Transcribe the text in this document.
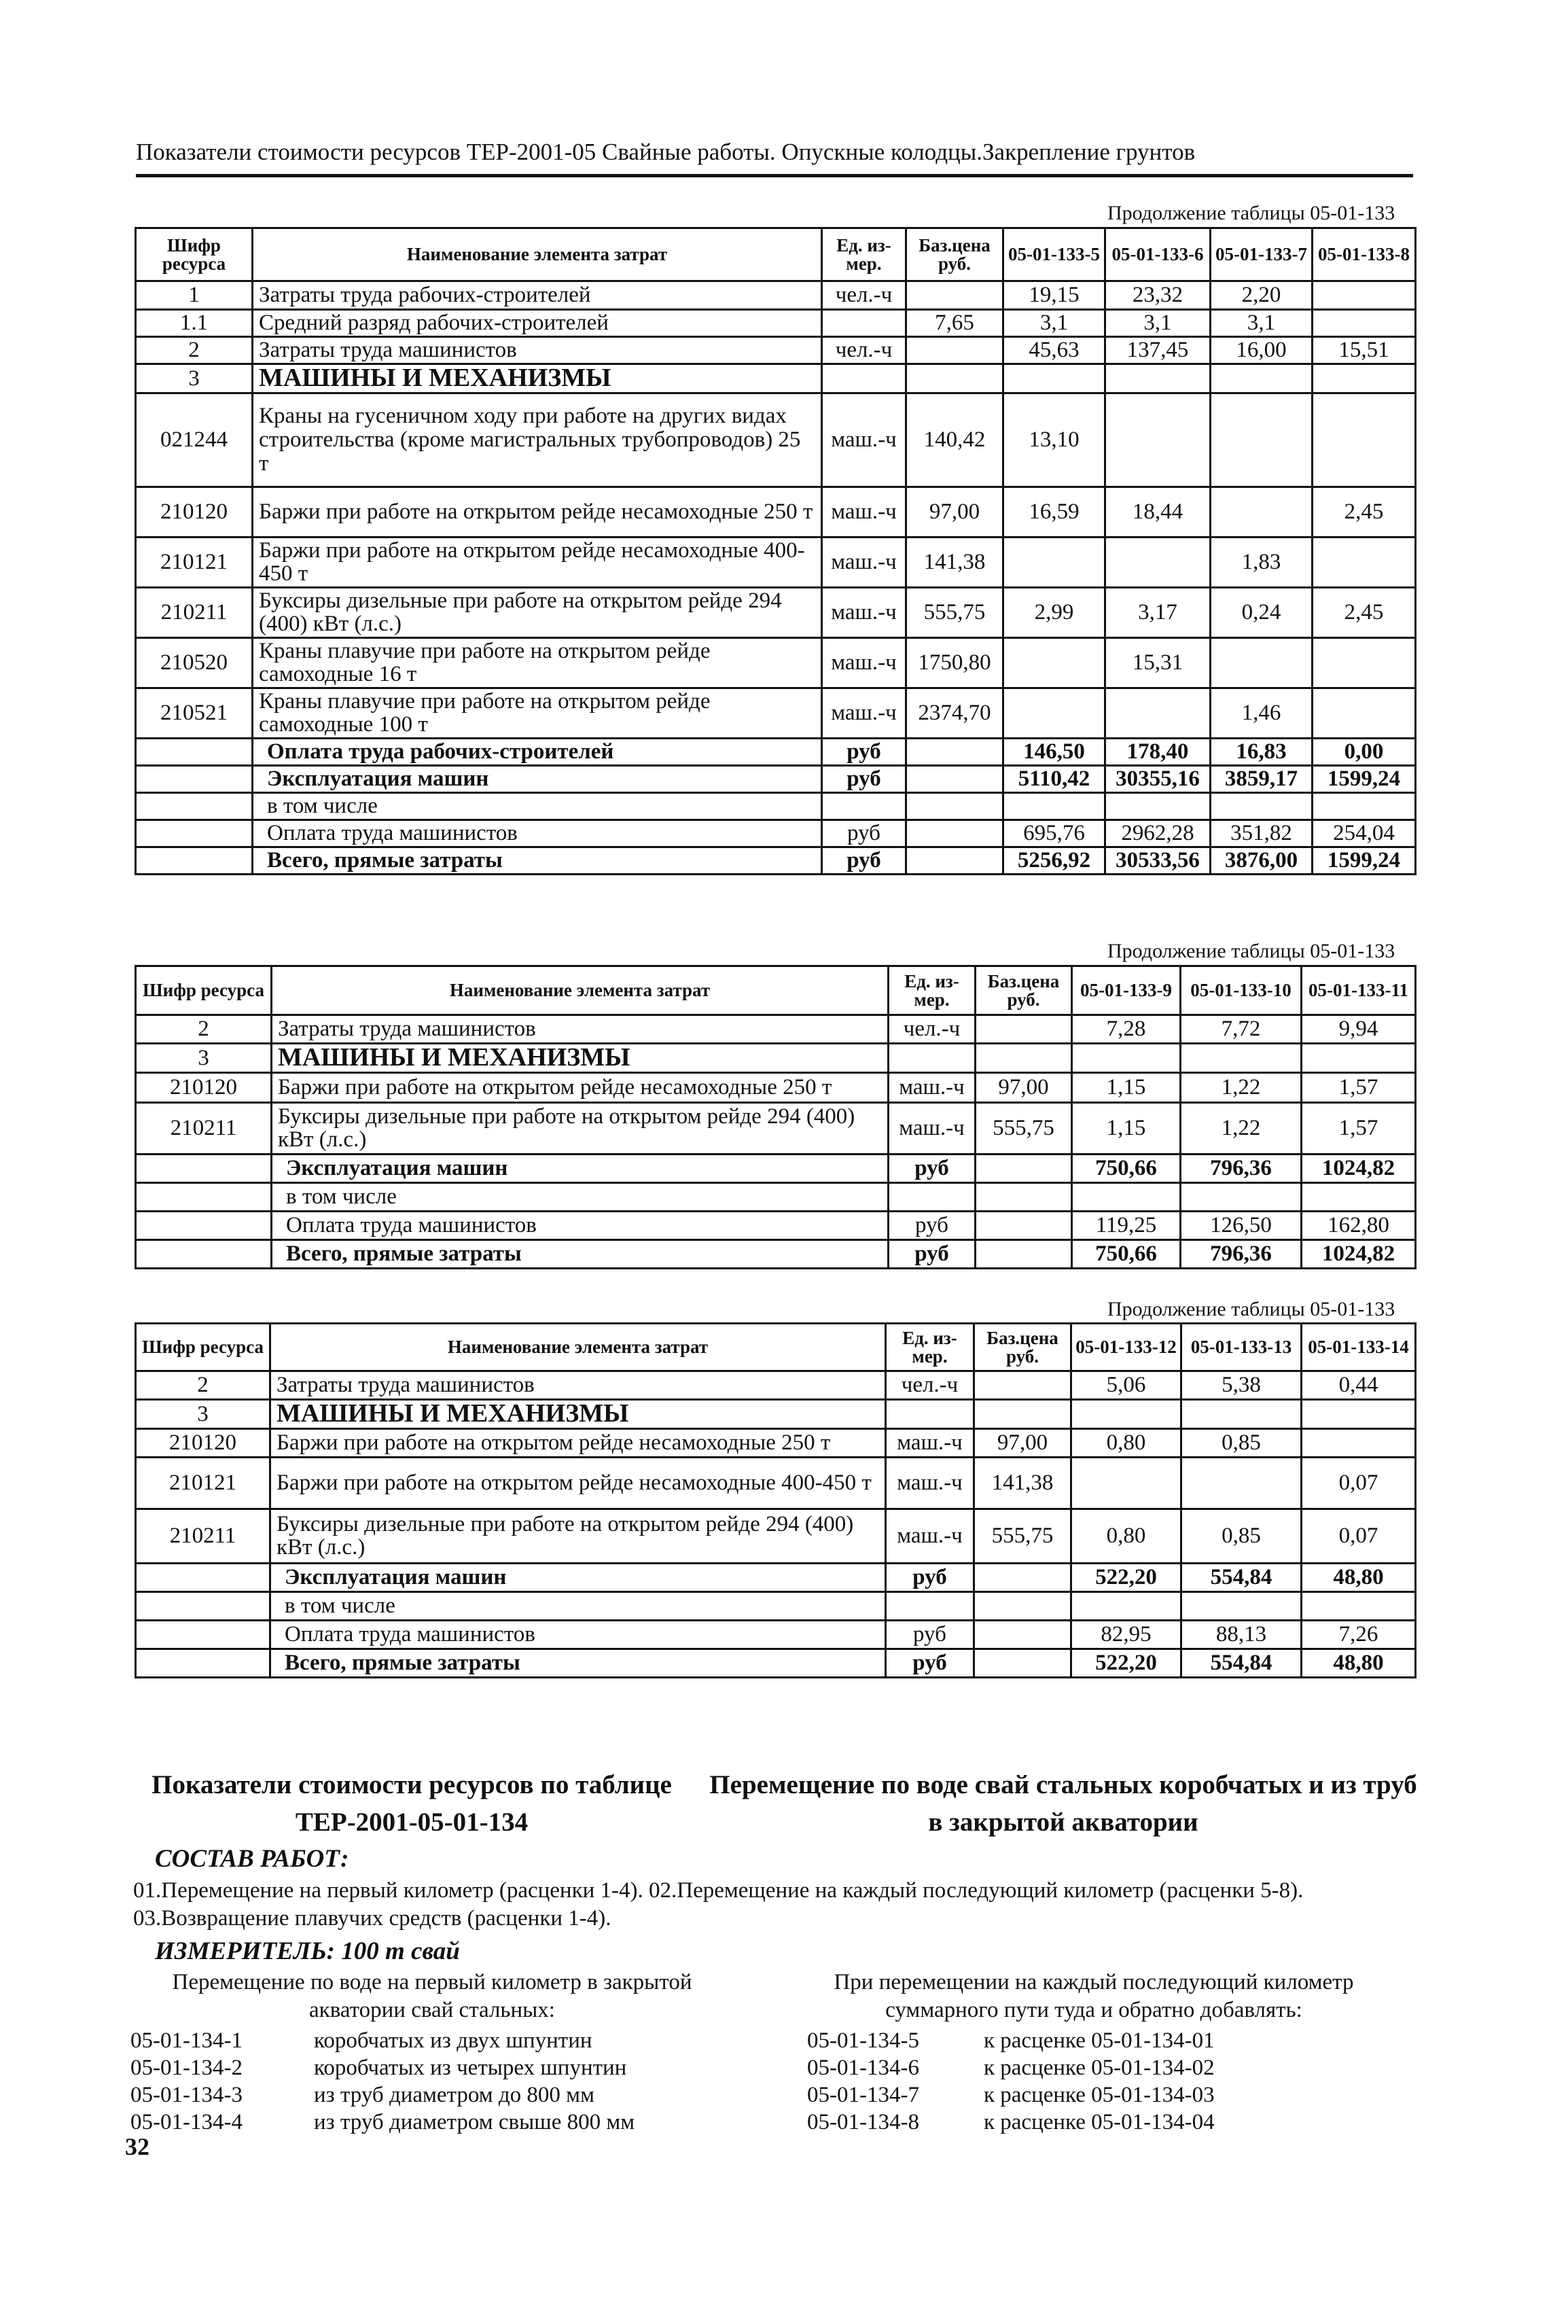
Показатели стоимости ресурсов ТЕР-2001-05 Свайные работы. Опускные колодцы.Закрепление грунтов
Продолжение таблицы 05-01-133
Шифр ресурса	Наименование элемента затрат	Ед. из-мер.	Баз.цена руб.	05-01-133-5	05-01-133-6	05-01-133-7	05-01-133-8
1	Затраты труда рабочих-строителей	чел.-ч		19,15	23,32	2,20	
1.1	Средний разряд рабочих-строителей		7,65	3,1	3,1	3,1	
2	Затраты труда машинистов	чел.-ч		45,63	137,45	16,00	15,51
3	МАШИНЫ И МЕХАНИЗМЫ						
021244	Краны на гусеничном ходу при работе на других видах строительства (кроме магистральных трубопроводов) 25 т	маш.-ч	140,42	13,10			
210120	Баржи при работе на открытом рейде несамоходные 250 т	маш.-ч	97,00	16,59	18,44		2,45
210121	Баржи при работе на открытом рейде несамоходные 400-450 т	маш.-ч	141,38			1,83	
210211	Буксиры дизельные при работе на открытом рейде 294 (400) кВт (л.с.)	маш.-ч	555,75	2,99	3,17	0,24	2,45
210520	Краны плавучие при работе на открытом рейде самоходные 16 т	маш.-ч	1750,80		15,31		
210521	Краны плавучие при работе на открытом рейде самоходные 100 т	маш.-ч	2374,70			1,46	
	Оплата труда рабочих-строителей	руб		146,50	178,40	16,83	0,00
	Эксплуатация машин	руб		5110,42	30355,16	3859,17	1599,24
	в том числе						
	Оплата труда машинистов	руб		695,76	2962,28	351,82	254,04
	Всего, прямые затраты	руб		5256,92	30533,56	3876,00	1599,24
Продолжение таблицы 05-01-133
Шифр ресурса	Наименование элемента затрат	Ед. из-мер.	Баз.цена руб.	05-01-133-9	05-01-133-10	05-01-133-11
2	Затраты труда машинистов	чел.-ч		7,28	7,72	9,94
3	МАШИНЫ И МЕХАНИЗМЫ					
210120	Баржи при работе на открытом рейде несамоходные 250 т	маш.-ч	97,00	1,15	1,22	1,57
210211	Буксиры дизельные при работе на открытом рейде 294 (400) кВт (л.с.)	маш.-ч	555,75	1,15	1,22	1,57
	Эксплуатация машин	руб		750,66	796,36	1024,82
	в том числе					
	Оплата труда машинистов	руб		119,25	126,50	162,80
	Всего, прямые затраты	руб		750,66	796,36	1024,82
Продолжение таблицы 05-01-133
Шифр ресурса	Наименование элемента затрат	Ед. из-мер.	Баз.цена руб.	05-01-133-12	05-01-133-13	05-01-133-14
2	Затраты труда машинистов	чел.-ч		5,06	5,38	0,44
3	МАШИНЫ И МЕХАНИЗМЫ					
210120	Баржи при работе на открытом рейде несамоходные 250 т	маш.-ч	97,00	0,80	0,85	
210121	Баржи при работе на открытом рейде несамоходные 400-450 т	маш.-ч	141,38			0,07
210211	Буксиры дизельные при работе на открытом рейде 294 (400) кВт (л.с.)	маш.-ч	555,75	0,80	0,85	0,07
	Эксплуатация машин	руб		522,20	554,84	48,80
	в том числе					
	Оплата труда машинистов	руб		82,95	88,13	7,26
	Всего, прямые затраты	руб		522,20	554,84	48,80
Показатели стоимости ресурсов по таблице ТЕР-2001-05-01-134
Перемещение по воде свай стальных коробчатых и из труб в закрытой акватории
СОСТАВ РАБОТ:
01.Перемещение на первый километр (расценки 1-4). 02.Перемещение на каждый последующий километр (расценки 5-8). 03.Возвращение плавучих средств (расценки 1-4).
ИЗМЕРИТЕЛЬ: 100 т свай
Перемещение по воде на первый километр в закрытой акватории свай стальных:
При перемещении на каждый последующий километр суммарного пути туда и обратно добавлять:
05-01-134-1	коробчатых из двух шпунтин
05-01-134-2	коробчатых из четырех шпунтин
05-01-134-3	из труб диаметром до 800 мм
05-01-134-4	из труб диаметром свыше 800 мм
05-01-134-5	к расценке 05-01-134-01
05-01-134-6	к расценке 05-01-134-02
05-01-134-7	к расценке 05-01-134-03
05-01-134-8	к расценке 05-01-134-04
32
